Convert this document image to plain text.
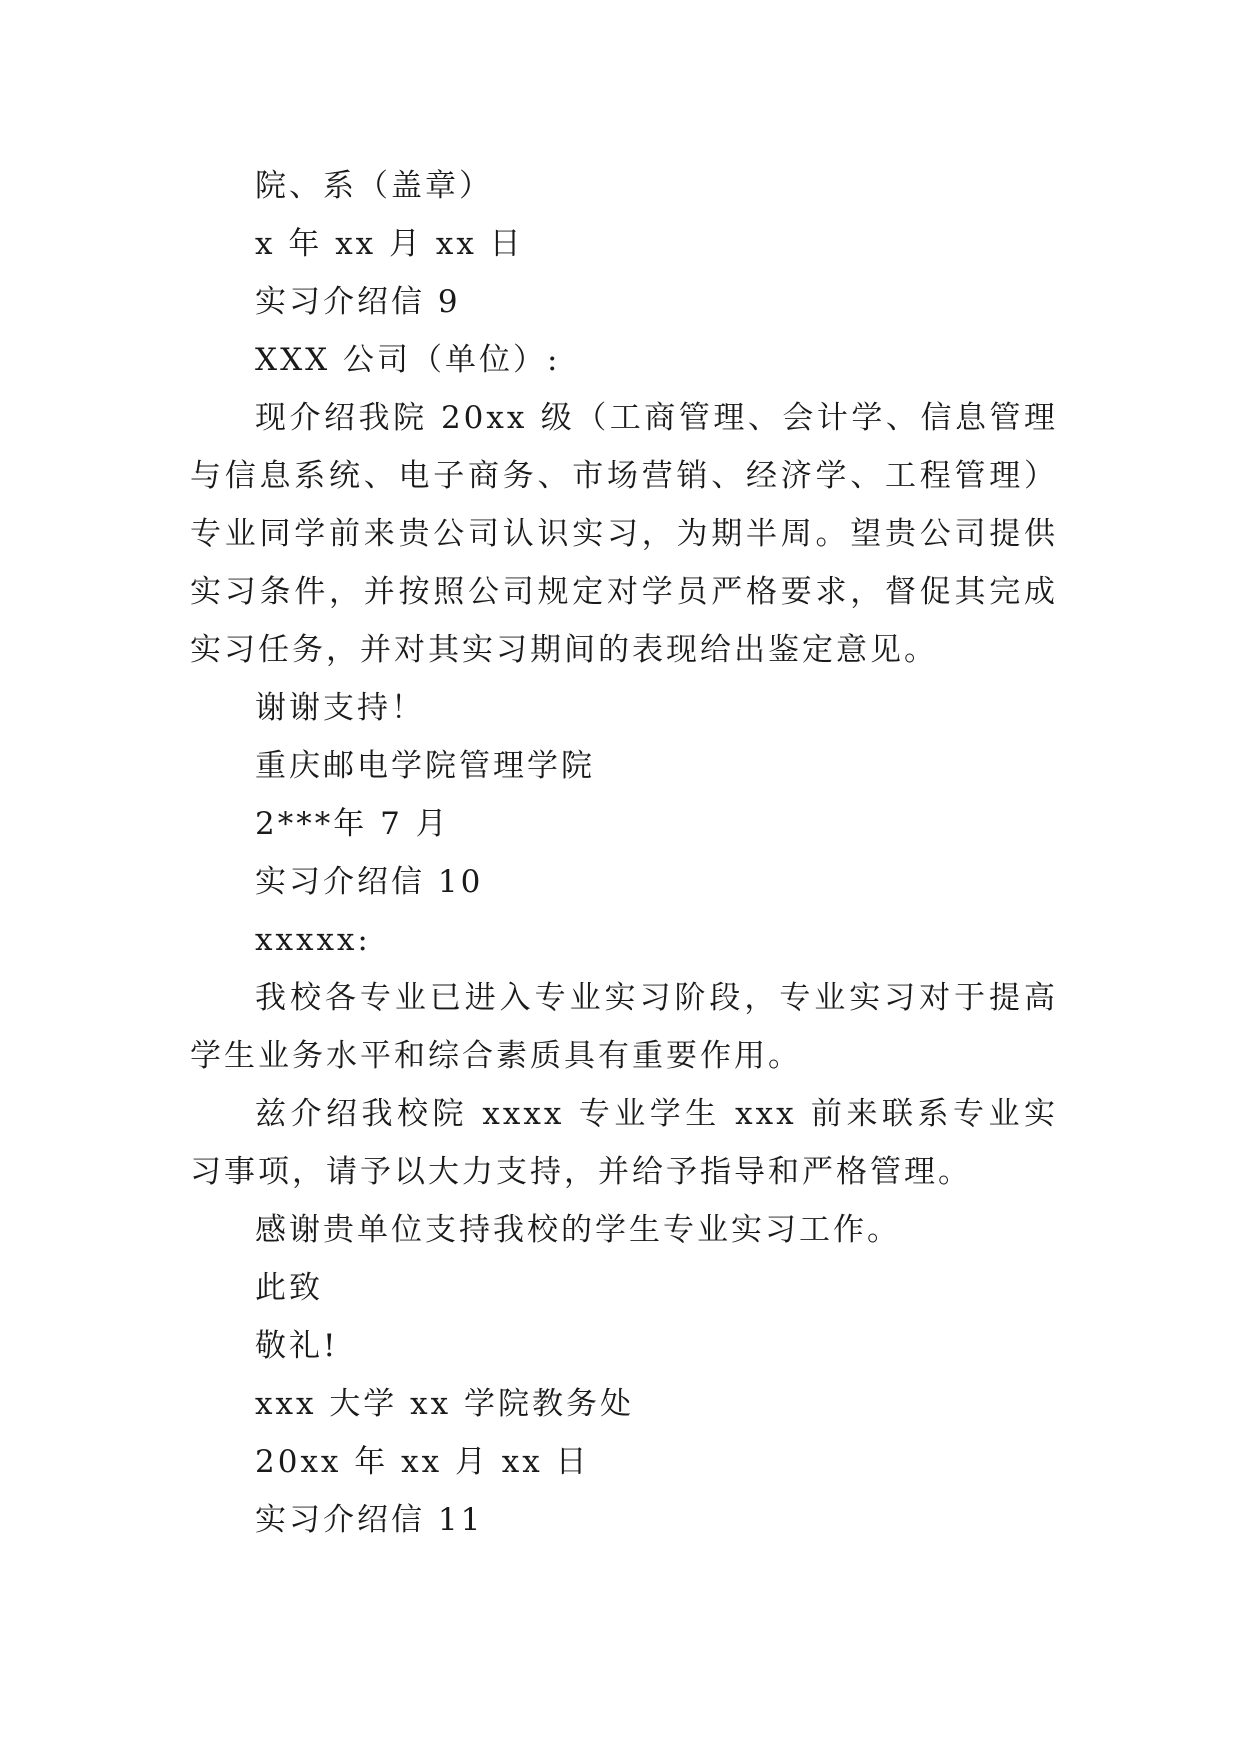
院、系（盖章）

x 年 xx 月 xx 日

实习介绍信 9

XXX 公司（单位）:

现介绍我院 20xx 级（工商管理、会计学、信息管理与信息系统、电子商务、市场营销、经济学、工程管理）专业同学前来贵公司认识实习，为期半周。望贵公司提供实习条件，并按照公司规定对学员严格要求，督促其完成实习任务，并对其实习期间的表现给出鉴定意见。

谢谢支持！

重庆邮电学院管理学院

2***年 7 月

实习介绍信 10

xxxxx:

我校各专业已进入专业实习阶段，专业实习对于提高学生业务水平和综合素质具有重要作用。

兹介绍我校院 xxxx 专业学生 xxx 前来联系专业实习事项，请予以大力支持，并给予指导和严格管理。

感谢贵单位支持我校的学生专业实习工作。

此致

敬礼!

xxx 大学 xx 学院教务处

20xx 年 xx 月 xx 日

实习介绍信 11
